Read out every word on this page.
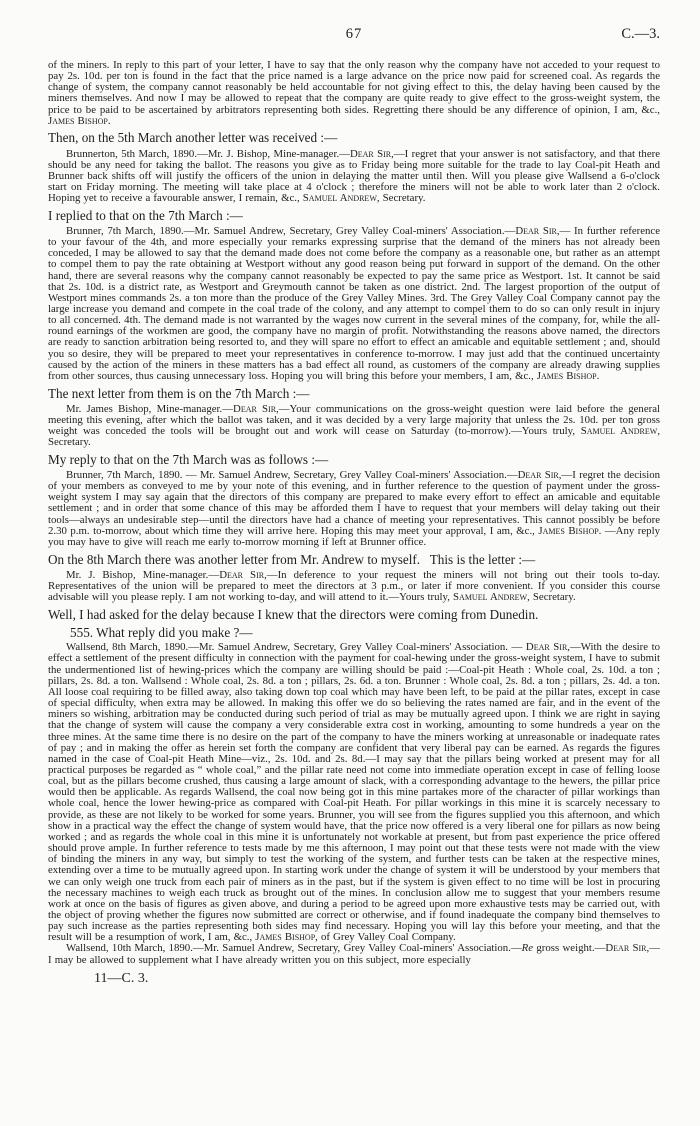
67	C.—3.

of the miners. In reply to this part of your letter, I have to say that the only reason why the company have not acceded to your request to pay 2s. 10d. per ton is found in the fact that the price named is a large advance on the price now paid for screened coal. As regards the change of system, the company cannot reasonably be held accountable for not giving effect to this, the delay having been caused by the miners themselves. And now I may be allowed to repeat that the company are quite ready to give effect to the gross-weight system, the price to be paid to be ascertained by arbitrators representing both sides. Regretting there should be any difference of opinion, I am, &c., James Bishop.

Then, on the 5th March another letter was received :—

Brunnerton, 5th March, 1890.—Mr. J. Bishop, Mine-manager.—Dear Sir,—I regret that your answer is not satisfactory, and that there should be any need for taking the ballot. The reasons you give as to Friday being more suitable for the trade to lay Coal-pit Heath and Brunner back shifts off will justify the officers of the union in delaying the matter until then. Will you please give Wallsend a 6-o'clock start on Friday morning. The meeting will take place at 4 o'clock ; therefore the miners will not be able to work later than 2 o'clock. Hoping yet to receive a favourable answer, I remain, &c., Samuel Andrew, Secretary.

I replied to that on the 7th March :—

Brunner, 7th March, 1890.—Mr. Samuel Andrew, Secretary, Grey Valley Coal-miners' Association.—Dear Sir,— In further reference to your favour of the 4th, and more especially your remarks expressing surprise that the demand of the miners has not already been conceded, I may be allowed to say that the demand made does not come before the company as a reasonable one, but rather as an attempt to compel them to pay the rate obtaining at Westport without any good reason being put forward in support of the demand. On the other hand, there are several reasons why the company cannot reasonably be expected to pay the same price as Westport. 1st. It cannot be said that 2s. 10d. is a district rate, as Westport and Greymouth cannot be taken as one district. 2nd. The largest proportion of the output of Westport mines commands 2s. a ton more than the produce of the Grey Valley Mines. 3rd. The Grey Valley Coal Company cannot pay the large increase you demand and compete in the coal trade of the colony, and any attempt to compel them to do so can only result in injury to all concerned. 4th. The demand made is not warranted by the wages now current in the several mines of the company, for, while the all-round earnings of the workmen are good, the company have no margin of profit. Notwithstanding the reasons above named, the directors are ready to sanction arbitration being resorted to, and they will spare no effort to effect an amicable and equitable settlement ; and, should you so desire, they will be prepared to meet your representatives in conference to-morrow. I may just add that the continued uncertainty caused by the action of the miners in these matters has a bad effect all round, as customers of the company are already drawing supplies from other sources, thus causing unnecessary loss. Hoping you will bring this before your members, I am, &c., James Bishop.

The next letter from them is on the 7th March :—

Mr. James Bishop, Mine-manager.—Dear Sir,—Your communications on the gross-weight question were laid before the general meeting this evening, after which the ballot was taken, and it was decided by a very large majority that unless the 2s. 10d. per ton gross weight was conceded the tools will be brought out and work will cease on Saturday (to-morrow).—Yours truly, Samuel Andrew, Secretary.

My reply to that on the 7th March was as follows :—

Brunner, 7th March, 1890. — Mr. Samuel Andrew, Secretary, Grey Valley Coal-miners' Association.—Dear Sir,—I regret the decision of your members as conveyed to me by your note of this evening, and in further reference to the question of payment under the gross-weight system I may say again that the directors of this company are prepared to make every effort to effect an amicable and equitable settlement ; and in order that some chance of this may be afforded them I have to request that your members will delay taking out their tools—always an undesirable step—until the directors have had a chance of meeting your representatives. This cannot possibly be before 2.30 p.m. to-morrow, about which time they will arrive here. Hoping this may meet your approval, I am, &c., James Bishop. —Any reply you may have to give will reach me early to-morrow morning if left at Brunner office.

On the 8th March there was another letter from Mr. Andrew to myself.  This is the letter :—

Mr. J. Bishop, Mine-manager.—Dear Sir,—In deference to your request the miners will not bring out their tools to-day. Representatives of the union will be prepared to meet the directors at 3 p.m., or later if more convenient. If you consider this course advisable will you please reply. I am not working to-day, and will attend to it.—Yours truly, Samuel Andrew, Secretary.

Well, I had asked for the delay because I knew that the directors were coming from Dunedin.

555. What reply did you make ?—

Wallsend, 8th March, 1890.—Mr. Samuel Andrew, Secretary, Grey Valley Coal-miners' Association. — Dear Sir,—With the desire to effect a settlement of the present difficulty in connection with the payment for coal-hewing under the gross-weight system, I have to submit the undermentioned list of hewing-prices which the company are willing should be paid :—Coal-pit Heath : Whole coal, 2s. 10d. a ton ; pillars, 2s. 8d. a ton. Wallsend : Whole coal, 2s. 8d. a ton ; pillars, 2s. 6d. a ton. Brunner : Whole coal, 2s. 8d. a ton ; pillars, 2s. 4d. a ton. All loose coal requiring to be filled away, also taking down top coal which may have been left, to be paid at the pillar rates, except in case of special difficulty, when extra may be allowed. In making this offer we do so believing the rates named are fair, and in the event of the miners so wishing, arbitration may be conducted during such period of trial as may be mutually agreed upon. I think we are right in saying that the change of system will cause the company a very considerable extra cost in working, amounting to some hundreds a year on the three mines. At the same time there is no desire on the part of the company to have the miners working at unreasonable or inadequate rates of pay ; and in making the offer as herein set forth the company are confident that very liberal pay can be earned. As regards the figures named in the case of Coal-pit Heath Mine—viz., 2s. 10d. and 2s. 8d.—I may say that the pillars being worked at present may for all practical purposes be regarded as “ whole coal,” and the pillar rate need not come into immediate operation except in case of felling loose coal, but as the pillars become crushed, thus causing a large amount of slack, with a corresponding advantage to the hewers, the pillar price would then be applicable. As regards Wallsend, the coal now being got in this mine partakes more of the character of pillar workings than whole coal, hence the lower hewing-price as compared with Coal-pit Heath. For pillar workings in this mine it is scarcely necessary to provide, as these are not likely to be worked for some years. Brunner, you will see from the figures supplied you this afternoon, and which show in a practical way the effect the change of system would have, that the price now offered is a very liberal one for pillars as now being worked ; and as regards the whole coal in this mine it is unfortunately not workable at present, but from past experience the price offered should prove ample. In further reference to tests made by me this afternoon, I may point out that these tests were not made with the view of binding the miners in any way, but simply to test the working of the system, and further tests can be taken at the respective mines, extending over a time to be mutually agreed upon. In starting work under the change of system it will be understood by your members that we can only weigh one truck from each pair of miners as in the past, but if the system is given effect to no time will be lost in procuring the necessary machines to weigh each truck as brought out of the mines. In conclusion allow me to suggest that your members resume work at once on the basis of figures as given above, and during a period to be agreed upon more exhaustive tests may be carried out, with the object of proving whether the figures now submitted are correct or otherwise, and if found inadequate the company bind themselves to pay such increase as the parties representing both sides may find necessary. Hoping you will lay this before your meeting, and that the result will be a resumption of work, I am, &c., James Bishop, of Grey Valley Coal Company.

Wallsend, 10th March, 1890.—Mr. Samuel Andrew, Secretary, Grey Valley Coal-miners' Association.—Re gross weight.—Dear Sir,—I may be allowed to supplement what I have already written you on this subject, more especially

11—C. 3.
